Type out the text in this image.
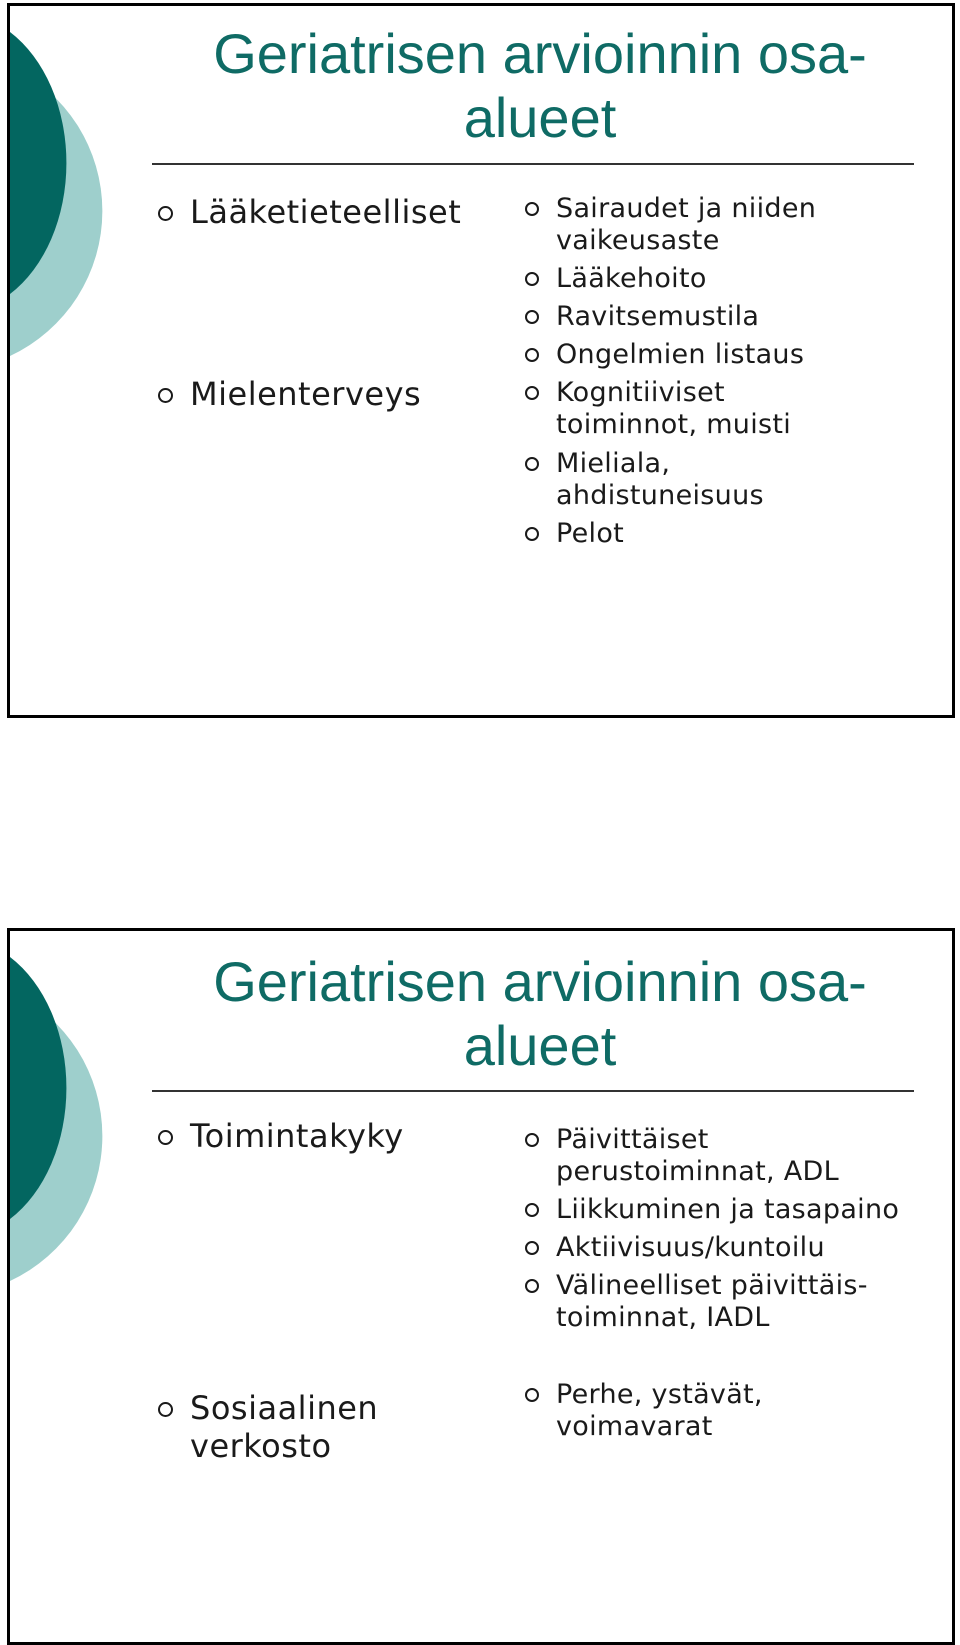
Geriatrisen arvioinnin osa-
alueet
Lääketieteelliset
Mielenterveys
Sairaudet ja niiden
vaikeusaste
Lääkehoito
Ravitsemustila
Ongelmien listaus
Kognitiiviset
toiminnot, muisti
Mieliala,
ahdistuneisuus
Pelot
Geriatrisen arvioinnin osa-
alueet
Toimintakyky
Sosiaalinen
verkosto
Päivittäiset
perustoiminnat, ADL
Liikkuminen ja tasapaino
Aktiivisuus/kuntoilu
Välineelliset päivittäis-
toiminnat, IADL
Perhe, ystävät,
voimavarat
